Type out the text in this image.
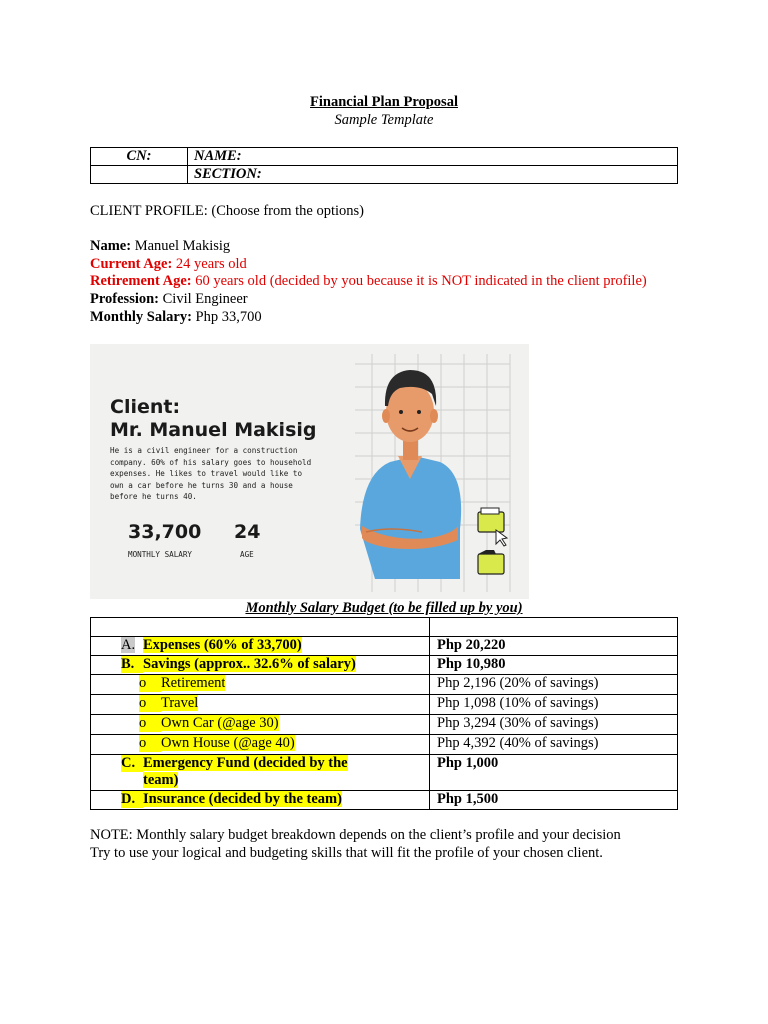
Financial Plan Proposal
Sample Template
CN:	NAME:
	SECTION:
CLIENT PROFILE: (Choose from the options)
Name: Manuel Makisig
Current Age: 24 years old
Retirement Age: 60 years old (decided by you because it is NOT indicated in the client profile)
Profession: Civil Engineer
Monthly Salary: Php 33,700
Client:
Mr. Manuel Makisig
He is a civil engineer for a construction company. 60% of his salary goes to household expenses. He likes to travel would like to own a car before he turns 30 and a house before he turns 40.
33,700 24
MONTHLY SALARY	AGE
Monthly Salary Budget (to be filled up by you)

A. Expenses (60% of 33,700)	Php 20,220
B. Savings (approx.. 32.6% of salary)	Php 10,980
o Retirement	Php 2,196 (20% of savings)
o Travel	Php 1,098 (10% of savings)
o Own Car (@age 30)	Php 3,294 (30% of savings)
o Own House (@age 40)	Php 4,392 (40% of savings)
C. Emergency Fund (decided by the
team)	Php 1,000
D. Insurance (decided by the team)	Php 1,500
NOTE: Monthly salary budget breakdown depends on the client’s profile and your decision
Try to use your logical and budgeting skills that will fit the profile of your chosen client.
